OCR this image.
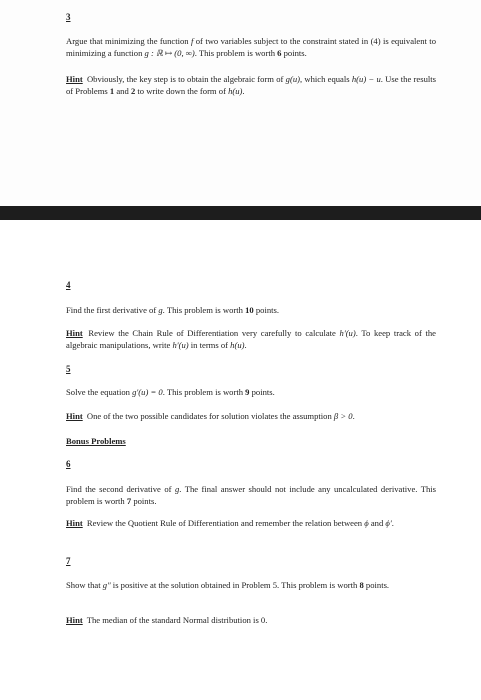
3

Argue that minimizing the function f of two variables subject to the constraint stated in (4) is equivalent to minimizing a function g : ℝ ↦ (0, ∞). This problem is worth 6 points.

Hint Obviously, the key step is to obtain the algebraic form of g(u), which equals h(u) − u. Use the results of Problems 1 and 2 to write down the form of h(u).

4

Find the first derivative of g. This problem is worth 10 points.

Hint Review the Chain Rule of Differentiation very carefully to calculate h′(u). To keep track of the algebraic manipulations, write h′(u) in terms of h(u).

5

Solve the equation g′(u) = 0. This problem is worth 9 points.

Hint One of the two possible candidates for solution violates the assumption β > 0.

Bonus Problems

6

Find the second derivative of g. The final answer should not include any uncalculated derivative. This problem is worth 7 points.

Hint Review the Quotient Rule of Differentiation and remember the relation between ϕ and ϕ′.

7

Show that g″ is positive at the solution obtained in Problem 5. This problem is worth 8 points.

Hint The median of the standard Normal distribution is 0.
